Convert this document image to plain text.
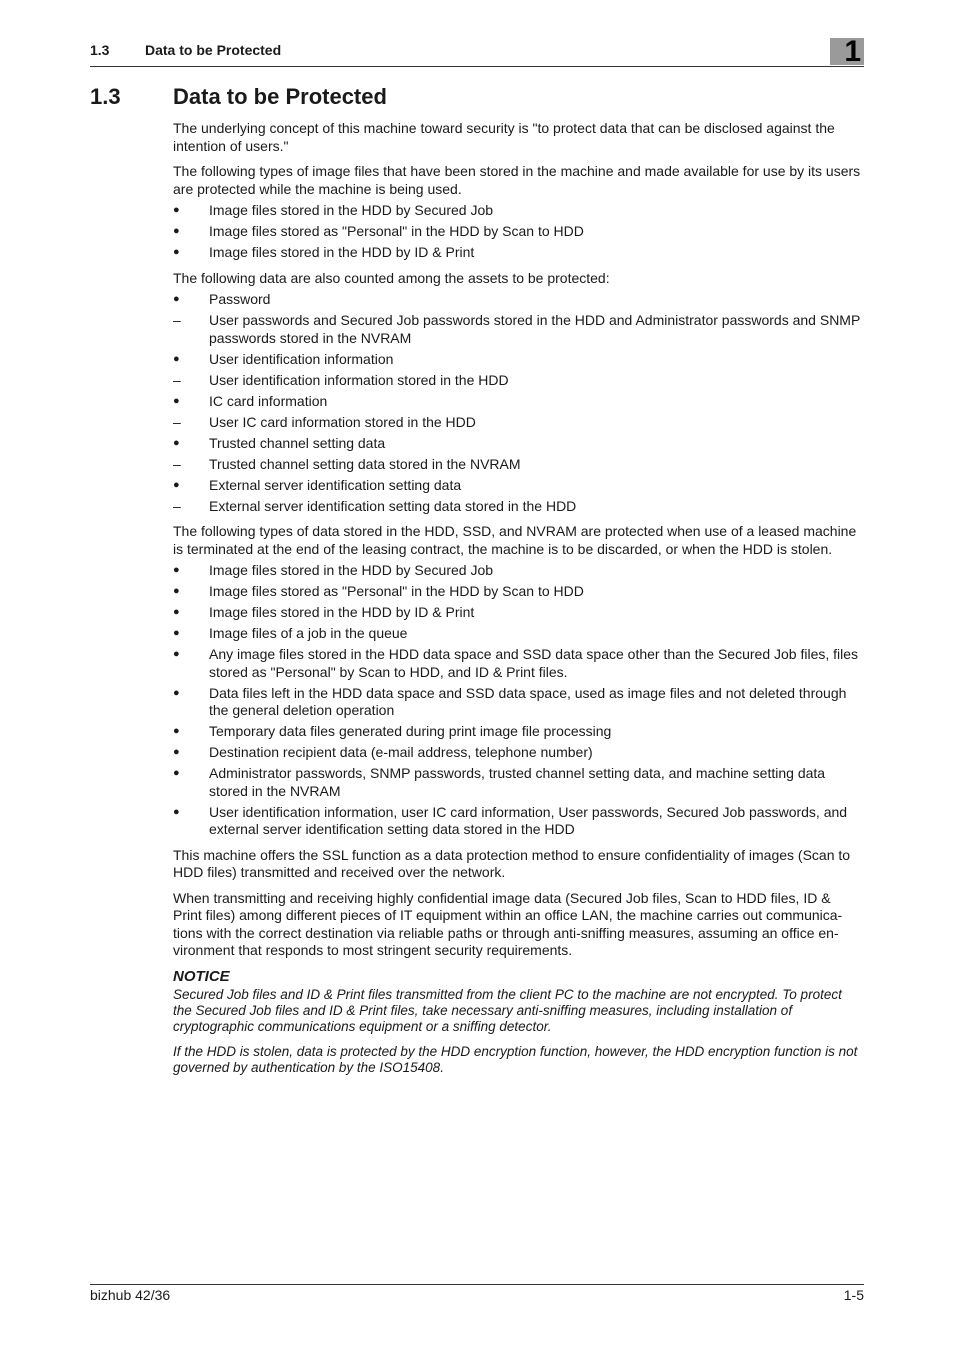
1.3	Data to be Protected	1
1.3 Data to be Protected

The underlying concept of this machine toward security is "to protect data that can be disclosed against the intention of users."

The following types of image files that have been stored in the machine and made available for use by its users are protected while the machine is being used.

●	Image files stored in the HDD by Secured Job
●	Image files stored as "Personal" in the HDD by Scan to HDD
●	Image files stored in the HDD by ID & Print

The following data are also counted among the assets to be protected:

●	Password
–	User passwords and Secured Job passwords stored in the HDD and Administrator passwords and SNMP passwords stored in the NVRAM
●	User identification information
–	User identification information stored in the HDD
●	IC card information
–	User IC card information stored in the HDD
●	Trusted channel setting data
–	Trusted channel setting data stored in the NVRAM
●	External server identification setting data
–	External server identification setting data stored in the HDD

The following types of data stored in the HDD, SSD, and NVRAM are protected when use of a leased machine is terminated at the end of the leasing contract, the machine is to be discarded, or when the HDD is stolen.

●	Image files stored in the HDD by Secured Job
●	Image files stored as "Personal" in the HDD by Scan to HDD
●	Image files stored in the HDD by ID & Print
●	Image files of a job in the queue
●	Any image files stored in the HDD data space and SSD data space other than the Secured Job files, files stored as "Personal" by Scan to HDD, and ID & Print files.
●	Data files left in the HDD data space and SSD data space, used as image files and not deleted through the general deletion operation
●	Temporary data files generated during print image file processing
●	Destination recipient data (e-mail address, telephone number)
●	Administrator passwords, SNMP passwords, trusted channel setting data, and machine setting data stored in the NVRAM
●	User identification information, user IC card information, User passwords, Secured Job passwords, and external server identification setting data stored in the HDD

This machine offers the SSL function as a data protection method to ensure confidentiality of images (Scan to HDD files) transmitted and received over the network.

When transmitting and receiving highly confidential image data (Secured Job files, Scan to HDD files, ID & Print files) among different pieces of IT equipment within an office LAN, the machine carries out communica-tions with the correct destination via reliable paths or through anti-sniffing measures, assuming an office en-vironment that responds to most stringent security requirements.

NOTICE

Secured Job files and ID & Print files transmitted from the client PC to the machine are not encrypted. To protect the Secured Job files and ID & Print files, take necessary anti-sniffing measures, including installation of cryptographic communications equipment or a sniffing detector.

If the HDD is stolen, data is protected by the HDD encryption function, however, the HDD encryption function is not governed by authentication by the ISO15408.

bizhub 42/36	1-5
